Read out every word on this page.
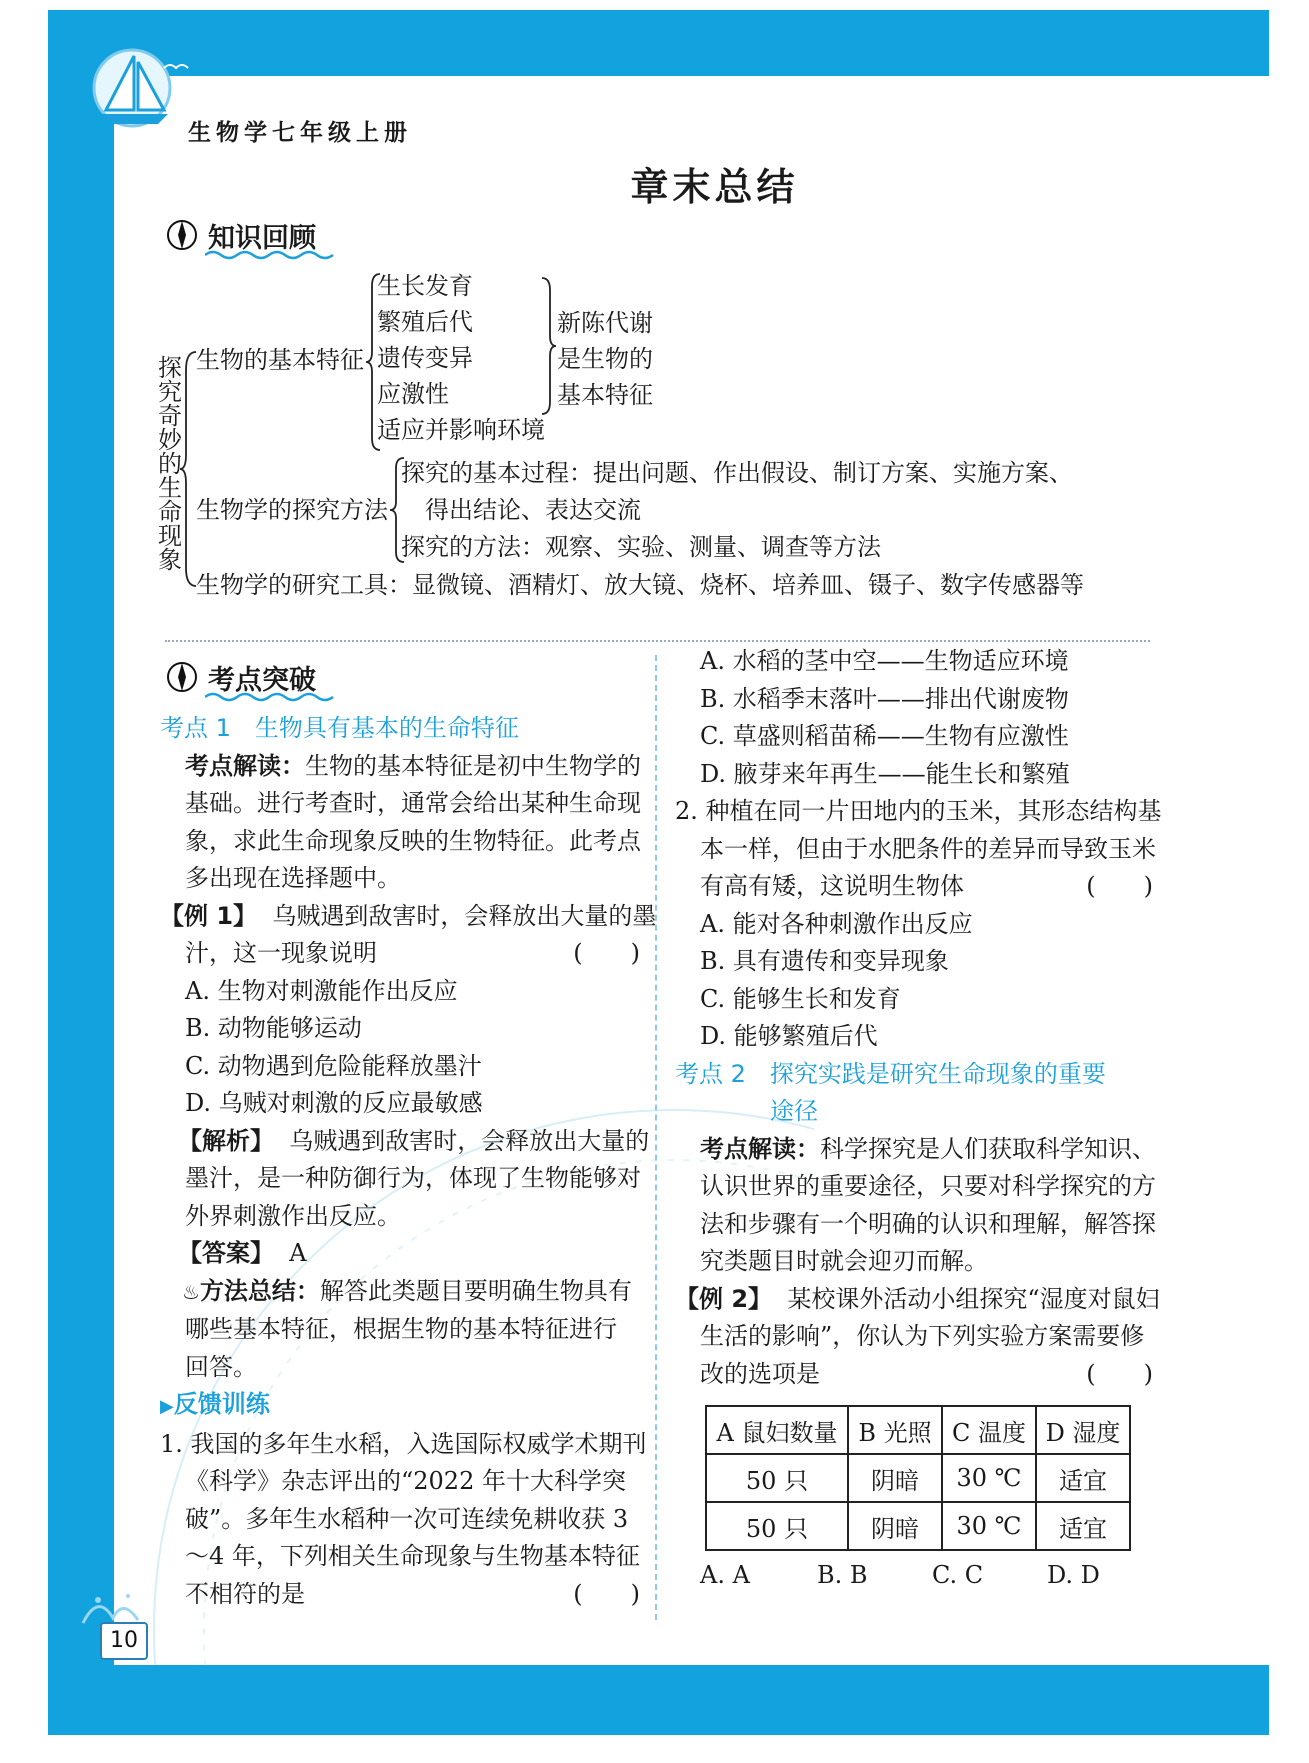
10
生物学七年级上册
章末总结
知识回顾
探
究
奇
妙
的
生
命
现
象
生物的基本特征
生长发育
繁殖后代
遗传变异
应激性
适应并影响环境
新陈代谢
是生物的
基本特征
生物学的探究方法
探究的基本过程：提出问题、作出假设、制订方案、实施方案、
得出结论、表达交流
探究的方法：观察、实验、测量、调查等方法
生物学的研究工具：显微镜、酒精灯、放大镜、烧杯、培养皿、镊子、数字传感器等
考点突破
考点 1　生物具有基本的生命特征
考点解读：生物的基本特征是初中生物学的
基础。进行考查时，通常会给出某种生命现
象，求此生命现象反映的生物特征。此考点
多出现在选择题中。
【例 1】 乌贼遇到敌害时，会释放出大量的墨
汁，这一现象说明	(　　)
A. 生物对刺激能作出反应
B. 动物能够运动
C. 动物遇到危险能释放墨汁
D. 乌贼对刺激的反应最敏感
【解析】 乌贼遇到敌害时，会释放出大量的
墨汁，是一种防御行为，体现了生物能够对
外界刺激作出反应。
【答案】 A
♨方法总结：解答此类题目要明确生物具有
哪些基本特征，根据生物的基本特征进行
回答。
▶反馈训练
1. 我国的多年生水稻，入选国际权威学术期刊
《科学》杂志评出的“2022 年十大科学突
破”。多年生水稻种一次可连续免耕收获 3
～4 年，下列相关生命现象与生物基本特征
不相符的是	(　　)
A. 水稻的茎中空——生物适应环境
B. 水稻季末落叶——排出代谢废物
C. 草盛则稻苗稀——生物有应激性
D. 腋芽来年再生——能生长和繁殖
2. 种植在同一片田地内的玉米，其形态结构基
本一样，但由于水肥条件的差异而导致玉米
有高有矮，这说明生物体	(　　)
A. 能对各种刺激作出反应
B. 具有遗传和变异现象
C. 能够生长和发育
D. 能够繁殖后代
考点 2　探究实践是研究生命现象的重要
途径
考点解读：科学探究是人们获取科学知识、
认识世界的重要途径，只要对科学探究的方
法和步骤有一个明确的认识和理解，解答探
究类题目时就会迎刃而解。
【例 2】 某校课外活动小组探究“湿度对鼠妇
生活的影响”，你认为下列实验方案需要修
改的选项是	(　　)
A 鼠妇数量	B 光照	C 温度	D 湿度
50 只	阴暗	30 ℃	适宜
50 只	阴暗	30 ℃	适宜
A. A	B. B	C. C	D. D
